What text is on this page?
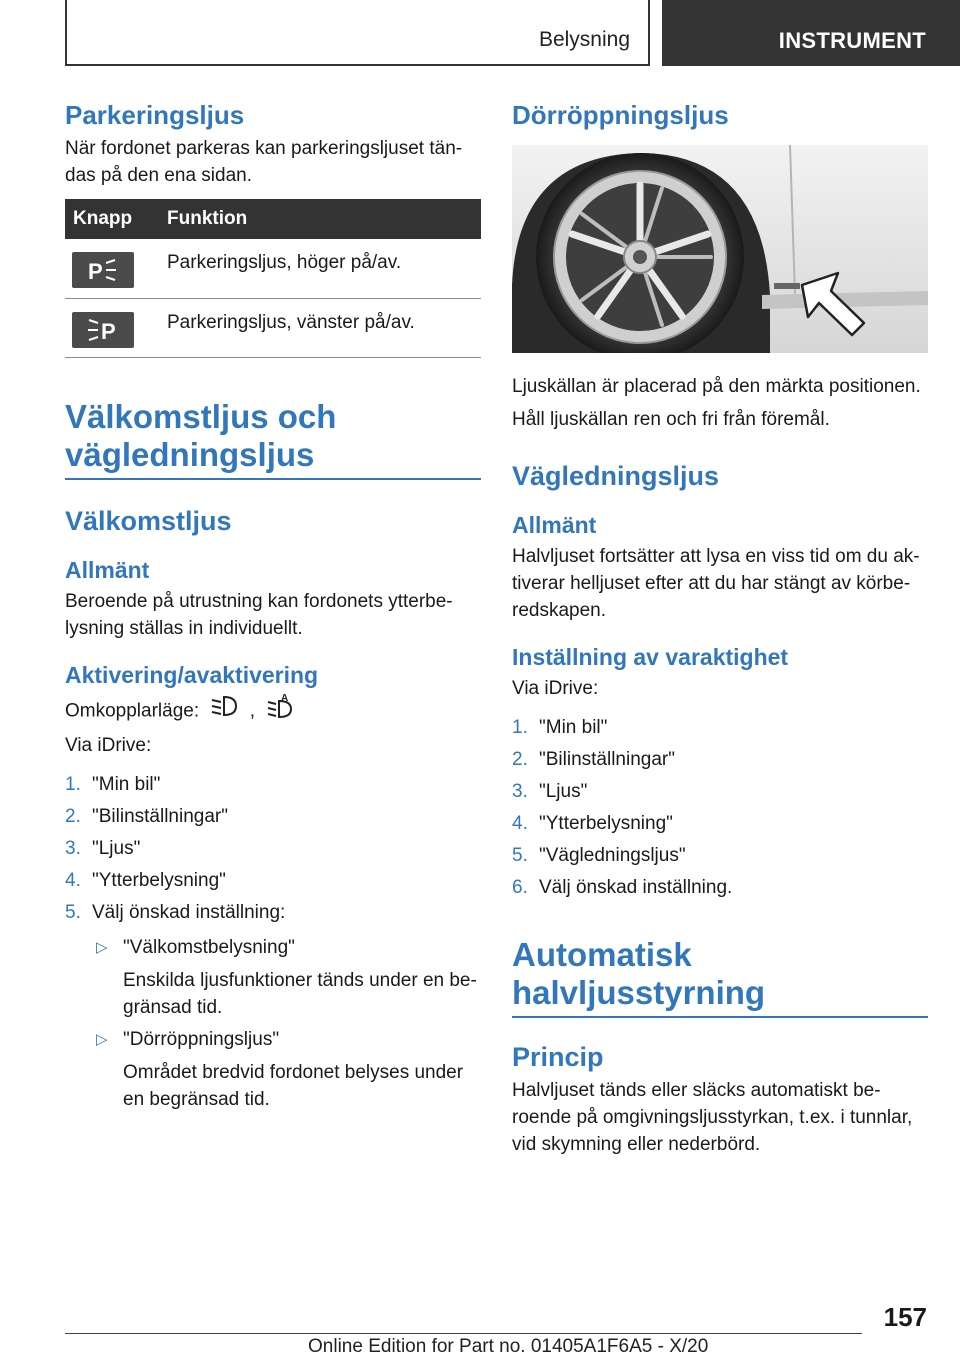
Belysning	INSTRUMENT
Parkeringsljus

När fordonet parkeras kan parkeringsljuset tän-
das på den ena sidan.

Knapp	Funktion

P	Parkeringsljus, höger på/av.

P	Parkeringsljus, vänster på/av.
Välkomstljus och
vägledningsljus
Välkomstljus
Allmänt

Beroende på utrustning kan fordonets ytterbe-
lysning ställas in individuellt.

Aktivering/avaktivering

Omkopplarläge:	,
A

Via iDrive:

1. "Min bil"
2. "Bilinställningar"
3. "Ljus"
4. "Ytterbelysning"
5. Välj önskad inställning:
▷ "Välkomstbelysning"
Enskilda ljusfunktioner tänds under en be- gränsad tid.
▷ "Dörröppningsljus"
Området bredvid fordonet belyses under en begränsad tid.
Dörröppningsljus

Ljuskällan är placerad på den märkta positionen.

Håll ljuskällan ren och fri från föremål.

Vägledningsljus
Allmänt

Halvljuset fortsätter att lysa en viss tid om du ak-
tiverar helljuset efter att du har stängt av körbe-
redskapen.

Inställning av varaktighet

Via iDrive:

1. "Min bil"
2. "Bilinställningar"
3. "Ljus"
4. "Ytterbelysning"
5. "Vägledningsljus"
6. Välj önskad inställning.
Automatisk
halvljusstyrning
Princip

Halvljuset tänds eller släcks automatiskt be-
roende på omgivningsljusstyrkan, t.ex. i tunnlar,
vid skymning eller nederbörd.

157
Online Edition for Part no. 01405A1F6A5 - X/20
